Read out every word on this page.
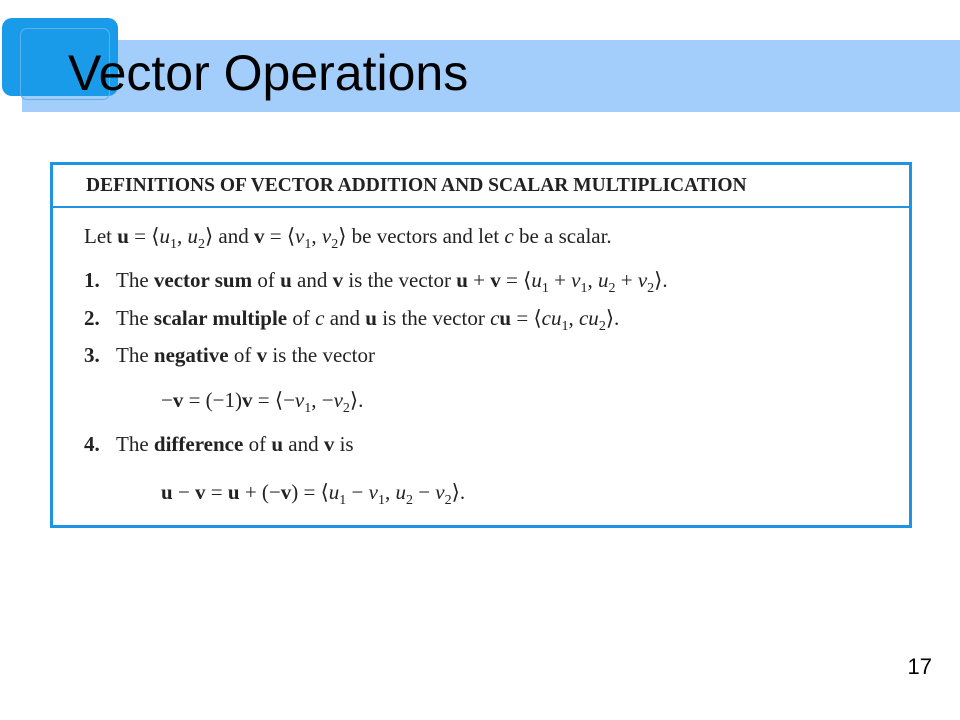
Vector Operations
DEFINITIONS OF VECTOR ADDITION AND SCALAR MULTIPLICATION
Let $u = ⟨u_1$, $u_2⟩$ and $v = ⟨v_1$, $v_2⟩$ be vectors and let c be a scalar.
1. The vector sum of u and v is the vector $u + v = ⟨u_1 + v_1$, $u_2$ + $v_2⟩$.
2. The scalar multiple of c and u is the vector cu = $⟨cu_1$, $cu_2⟩$.
3. The negative of v is the vector
$-v = (-1)v = ⟨-v_1$, $-v_2⟩$.
4. The difference of u and v is
$u - v = u + (-v) = ⟨u_1 - v_1$, $u_2$ − $v_2⟩$.
17
